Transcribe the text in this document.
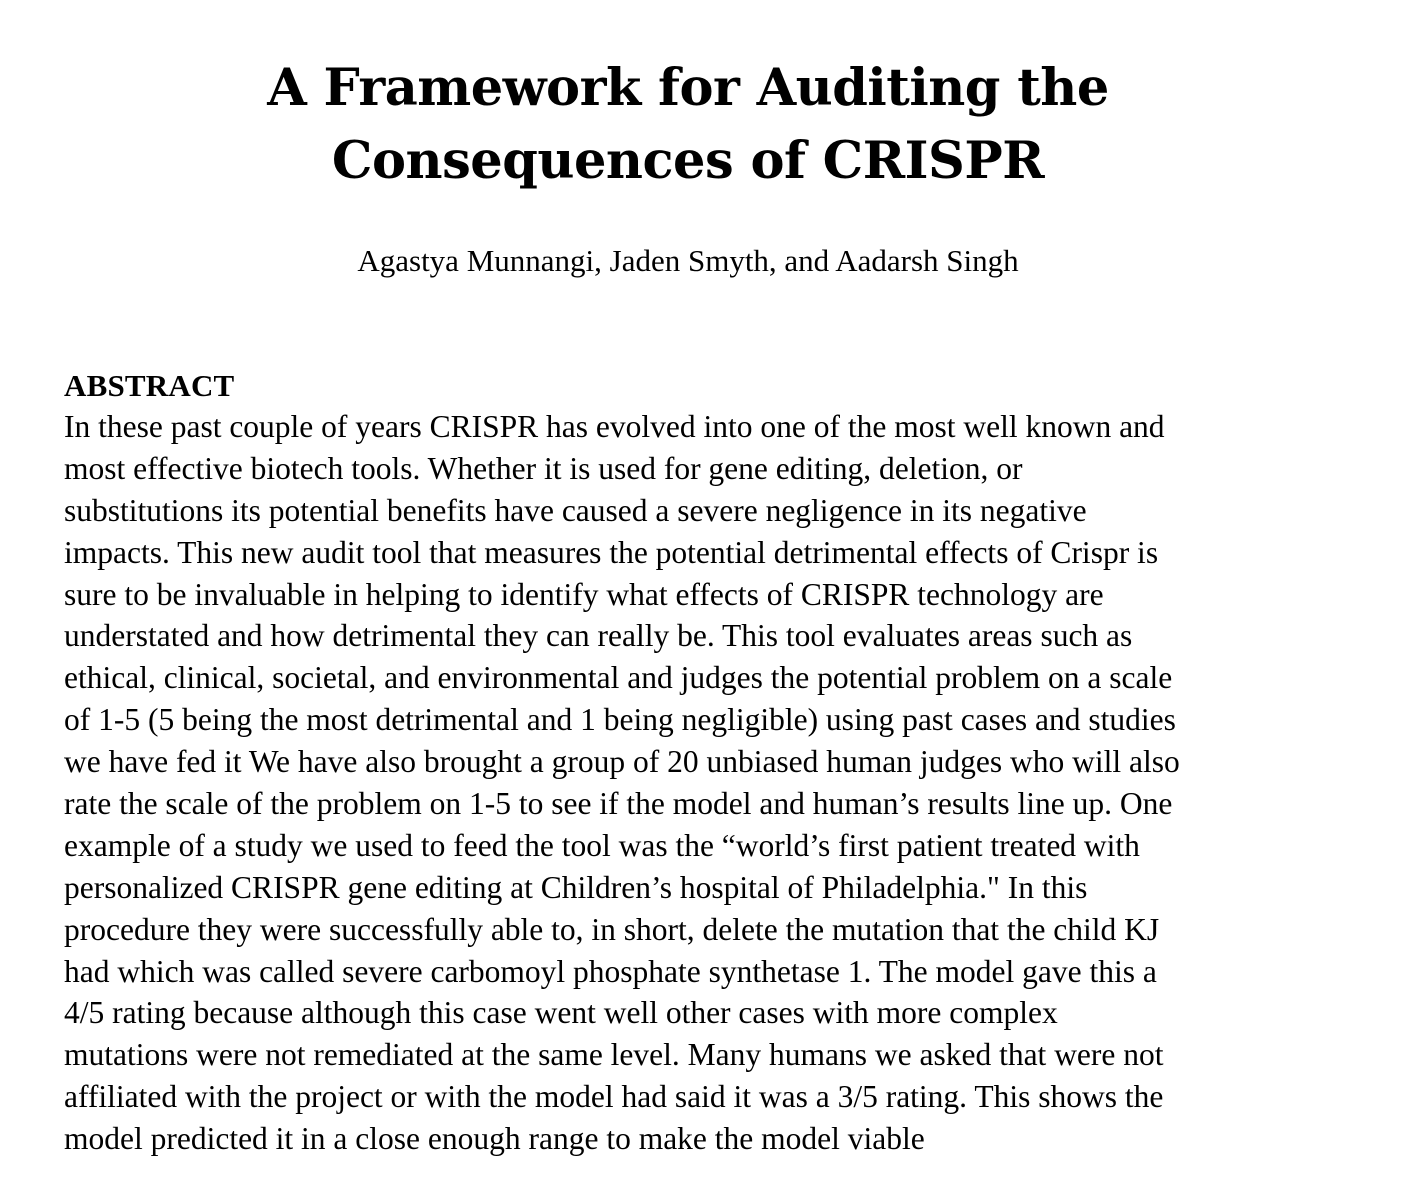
A Framework for Auditing the
Consequences of CRISPR
Agastya Munnangi, Jaden Smyth, and Aadarsh Singh
ABSTRACT

In these past couple of years CRISPR has evolved into one of the most well known and
most effective biotech tools. Whether it is used for gene editing, deletion, or
substitutions its potential benefits have caused a severe negligence in its negative
impacts. This new audit tool that measures the potential detrimental effects of Crispr is
sure to be invaluable in helping to identify what effects of CRISPR technology are
understated and how detrimental they can really be. This tool evaluates areas such as
ethical, clinical, societal, and environmental and judges the potential problem on a scale
of 1-5 (5 being the most detrimental and 1 being negligible) using past cases and studies
we have fed it We have also brought a group of 20 unbiased human judges who will also
rate the scale of the problem on 1-5 to see if the model and human’s results line up. One
example of a study we used to feed the tool was the “world’s first patient treated with
personalized CRISPR gene editing at Children’s hospital of Philadelphia." In this
procedure they were successfully able to, in short, delete the mutation that the child KJ
had which was called severe carbomoyl phosphate synthetase 1. The model gave this a
4/5 rating because although this case went well other cases with more complex
mutations were not remediated at the same level. Many humans we asked that were not
affiliated with the project or with the model had said it was a 3/5 rating. This shows the
model predicted it in a close enough range to make the model viable
